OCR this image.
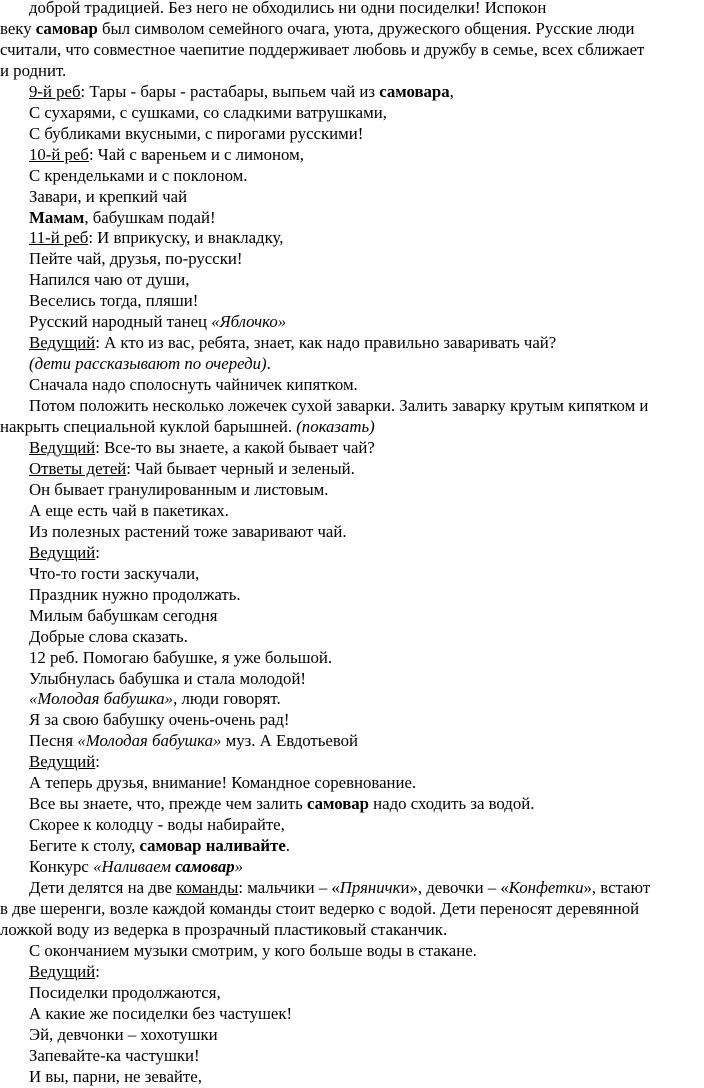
доброй традицией. Без него не обходились ни одни посиделки! Испокон
веку самовар был символом семейного очага, уюта, дружеского общения. Русские люди
считали, что совместное чаепитие поддерживает любовь и дружбу в семье, всех сближает
и роднит.
9-й реб: Тары - бары - растабары, выпьем чай из самовара,
С сухарями, с сушками, со сладкими ватрушками,
С бубликами вкусными, с пирогами русскими!
10-й реб: Чай с вареньем и с лимоном,
С крендельками и с поклоном.
Завари, и крепкий чай
Мамам, бабушкам подай!
11-й реб: И вприкуску, и внакладку,
Пейте чай, друзья, по-русски!
Напился чаю от души,
Веселись тогда, пляши!
Русский народный танец «Яблочко»
Ведущий: А кто из вас, ребята, знает, как надо правильно заваривать чай?
(дети рассказывают по очереди).
Сначала надо сполоснуть чайничек кипятком.
Потом положить несколько ложечек сухой заварки. Залить заварку крутым кипятком и
накрыть специальной куклой барышней. (показать)
Ведущий: Все-то вы знаете, а какой бывает чай?
Ответы детей: Чай бывает черный и зеленый.
Он бывает гранулированным и листовым.
А еще есть чай в пакетиках.
Из полезных растений тоже заваривают чай.
Ведущий:
Что-то гости заскучали,
Праздник нужно продолжать.
Милым бабушкам сегодня
Добрые слова сказать.
12 реб. Помогаю бабушке, я уже большой.
Улыбнулась бабушка и стала молодой!
«Молодая бабушка», люди говорят.
Я за свою бабушку очень-очень рад!
Песня «Молодая бабушка» муз. А Евдотьевой
Ведущий:
А теперь друзья, внимание! Командное соревнование.
Все вы знаете, что, прежде чем залить самовар надо сходить за водой.
Скорее к колодцу - воды набирайте,
Бегите к столу, самовар наливайте.
Конкурс «Наливаем самовар»
Дети делятся на две команды: мальчики – «Прянички», девочки – «Конфетки», встают
в две шеренги, возле каждой команды стоит ведерко с водой. Дети переносят деревянной
ложкой воду из ведерка в прозрачный пластиковый стаканчик.
С окончанием музыки смотрим, у кого больше воды в стакане.
Ведущий:
Посиделки продолжаются,
А какие же посиделки без частушек!
Эй, девчонки – хохотушки
Запевайте-ка частушки!
И вы, парни, не зевайте,
